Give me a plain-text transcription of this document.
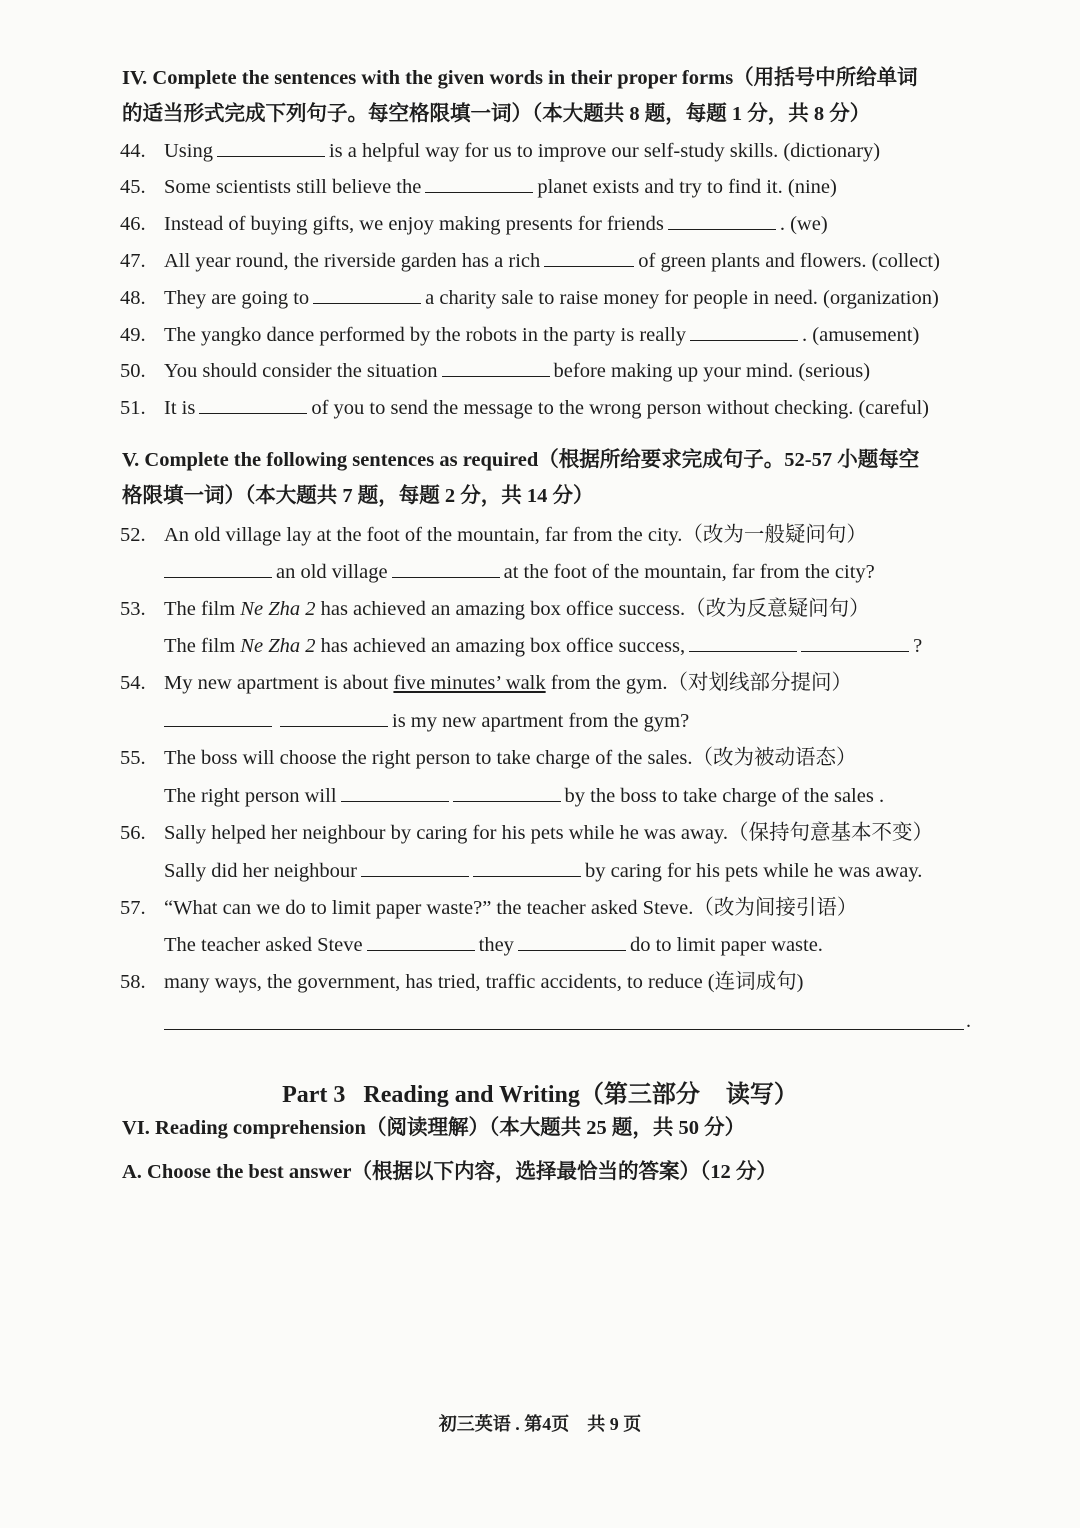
IV. Complete the sentences with the given words in their proper forms（用括号中所给单词
的适当形式完成下列句子。每空格限填一词）（本大题共 8 题，每题 1 分，共 8 分）
44. Using	is a helpful way for us to improve our self-study skills. (dictionary)
45. Some scientists still believe the	planet exists and try to find it. (nine)
46. Instead of buying gifts, we enjoy making presents for friends	. (we)
47. All year round, the riverside garden has a rich	of green plants and flowers. (collect)
48. They are going to	a charity sale to raise money for people in need. (organization)
49. The yangko dance performed by the robots in the party is really	. (amusement)
50. You should consider the situation	before making up your mind. (serious)
51. It is	of you to send the message to the wrong person without checking. (careful)
V. Complete the following sentences as required（根据所给要求完成句子。52-57 小题每空
格限填一词）（本大题共 7 题，每题 2 分，共 14 分）
52. An old village lay at the foot of the mountain, far from the city.（改为一般疑问句）
an old village	at the foot of the mountain, far from the city?
53. The film Ne Zha 2 has achieved an amazing box office success.（改为反意疑问句）
The film Ne Zha 2 has achieved an amazing box office success,	?
54. My new apartment is about five minutes’ walk from the gym.（对划线部分提问）
is my new apartment from the gym?
55. The boss will choose the right person to take charge of the sales.（改为被动语态）
The right person will	by the boss to take charge of the sales .
56. Sally helped her neighbour by caring for his pets while he was away.（保持句意基本不变）
Sally did her neighbour	by caring for his pets while he was away.
57. “What can we do to limit paper waste?” the teacher asked Steve.（改为间接引语）
The teacher asked Steve	they	do to limit paper waste.
58. many ways, the government, has tried, traffic accidents, to reduce (连词成句)
.
Part 3 Reading and Writing（第三部分 读写）
VI. Reading comprehension（阅读理解）（本大题共 25 题，共 50 分）
A. Choose the best answer（根据以下内容，选择最恰当的答案）（12 分）
初三英语 . 第4页　共 9 页
